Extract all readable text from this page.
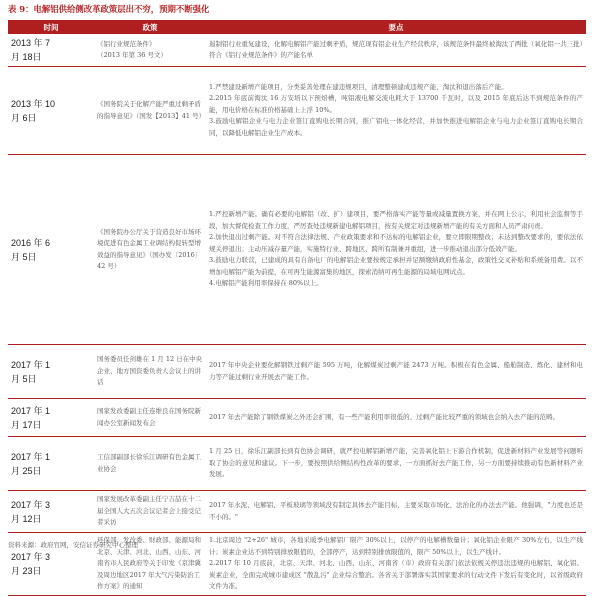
表 9：电解铝供给侧改革政策层出不穷，预期不断强化
时间	政策	要点

2013 年 7
月 18日	《铝行业规范条件》
（2013 年第 36 号文）	遏制铝行业重复建设，化解电解铝产能过剩矛盾，规范现有铝企业生产经营秩序，该规范条件最终被淘汰了两批（氧化铝一共三批）符合《铝行业规范条件》的产能名单

2013 年 10
月 6日	《国务院关于化解产能严重过剩矛盾的指导意见》（国发【2013】41 号）	1.严禁建设新增产能项目，分类妥善处理在建违规项目，清理整顿建成违规产能，淘汰和退出落后产能。
2.2015 年底前淘汰 16 万安培以下预焙槽，吨铝液电解交流电耗大于 13700 千瓦时，以及 2015 年底后达不到规范条件的产能，用电价格在标准价格基础上上浮 10%。
3.鼓励电解铝企业与电力企业签订直购电长期合同，推广铝电一体化经营，并加快推进电解铝企业与电力企业签订直购电长期合同，以降低电解铝企业生产成本。

2016 年 6
月 5日	《国务院办公厅关于营造良好市场环境促进有色金属工业调结构促转型增效益的指导意见》（国办发〔2016〕42 号）	1.严控新增产能。确有必要的电解铝（改、扩）建项目，要严格落实产能等量或减量置换方案，并在网上公示，利用社会监督等手段，加大督促检查工作力度，严厉查处违规新建电解铝项目，按有关规定对违规新增产能的有关方面和人员严肃问责。
2.加快退出过剩产能。对不符合法律法规、产业政策要求和不达标的电解铝企业，要立即限期整改；未达到整改要求的，要依法依规关停退出；主动压减存量产能，实施特行业、跨地区、跨所有制兼并重组，进一步推动退出部分低效产能。
3.鼓励电力联营，已建成的具有自备电厂的电解铝企业要按规定承担并足额缴纳政府性基金，政策性交叉补贴和系统备用费。以不增加电解铝产能为前提，在可再生能源富集的地区，探索消纳可再生能源的局域电网试点。
4.电解铝产能利用率保持在 80%以上。

2017 年 1
月 5日	国务委员任剑雄在 1 月 12 日在中央企业、地方国资委负责人会议上的讲话	2017 年中央企业要化解钢铁过剩产能 595 万吨，化解煤炭过剩产能 2473 万吨。积极在有色金属、船舶制造、炼化、建材和电力等产能过剩行业开展去产能工作。

2017 年 1
月 17日	国家发改委副主任连维良在国务院新闻办公室新闻发布会	2017 年去产能除了钢铁煤炭之外还会扩围，有一些产能利用率很低的、过剩产能比较严重的领域也会纳入去产能的范畴。

2017 年 1
月 25日	工信部副部长徐乐江调研有色金属工业协会	1 月 25 日，徐乐江副部长到有色协会调研，就严控电解铝新增产能，完善氧化铝上下游合作机制，促进新材料产业发展等问题听取了协会的意见和建议。下一步，要按照供给侧结构性改革的要求，一方面抓好去产能工作，另一方面要持续推动有色新材料产业发展。

2017 年 3
月 12日	国家发展改革委副主任宁吉喆在十二届全国人大五次会议记者会上接受记者采访	2017 年水泥、电解铝、平板玻璃等领域没有制定具体去产能目标，主要采取市场化、法治化的办法去产能。他强调，"力度也还是不小的。"

2017 年 3
月 23日	环保部、发改委、财政部、能源局和北京、天津、河北、山西、山东、河南省市人民政府等关于印发《京津冀及周边地区2017 年大气污染防治工作方案》的通知	1.北京周边 "2+26" 城市，各地采暖季电解铝厂限产 30%以上，以停产的电解槽数量计；氧化铝企业限产 30%左右，以生产线计；炭素企业达不到特别排放限值的，全部停产，达到特别排放限值的，限产 50%以上，以生产线计。
2.2017 年 10 月底前，北京、天津、河北、山西、山东、河南省（市）政府有关部门依法依规关停违法违规的电解铝、氧化铝、炭素企业，全面完成城市建成区 "散乱污" 企业综合整治。各省关于部署落实其国家要求的行动文件下发后有变化时，以省级政府文件为准。
资料来源：政府官网，安信证券研究中心整理
